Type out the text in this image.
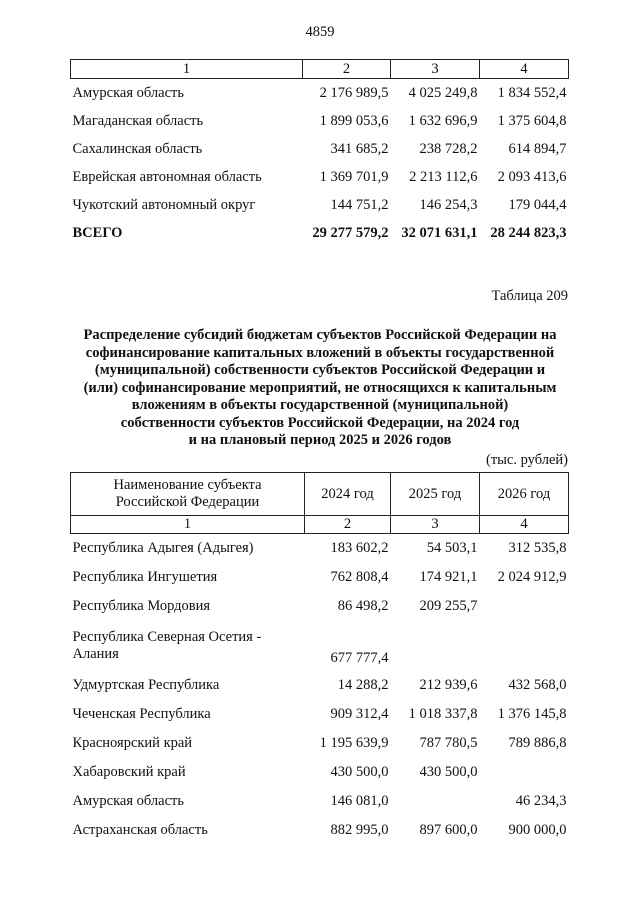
4859
1	2	3	4
Амурская область	2 176 989,5	4 025 249,8	1 834 552,4
Магаданская область	1 899 053,6	1 632 696,9	1 375 604,8
Сахалинская область	341 685,2	238 728,2	614 894,7
Еврейская автономная область	1 369 701,9	2 213 112,6	2 093 413,6
Чукотский автономный округ	144 751,2	146 254,3	179 044,4
ВСЕГО	29 277 579,2	32 071 631,1	28 244 823,3
Таблица 209
Распределение субсидий бюджетам субъектов Российской Федерации на
софинансирование капитальных вложений в объекты государственной
(муниципальной) собственности субъектов Российской Федерации и
(или) софинансирование мероприятий, не относящихся к капитальным
вложениям в объекты государственной (муниципальной)
собственности субъектов Российской Федерации, на 2024 год
и на плановый период 2025 и 2026 годов
(тыс. рублей)
Наименование субъекта
Российской Федерации	2024 год	2025 год	2026 год
1	2	3	4
Республика Адыгея (Адыгея)	183 602,2	54 503,1	312 535,8
Республика Ингушетия	762 808,4	174 921,1	2 024 912,9
Республика Мордовия	86 498,2	209 255,7	

Республика Северная Осетия -
Алания	677 777,4		
Удмуртская Республика	14 288,2	212 939,6	432 568,0
Чеченская Республика	909 312,4	1 018 337,8	1 376 145,8
Красноярский край	1 195 639,9	787 780,5	789 886,8
Хабаровский край	430 500,0	430 500,0	
Амурская область	146 081,0		46 234,3
Астраханская область	882 995,0	897 600,0	900 000,0
